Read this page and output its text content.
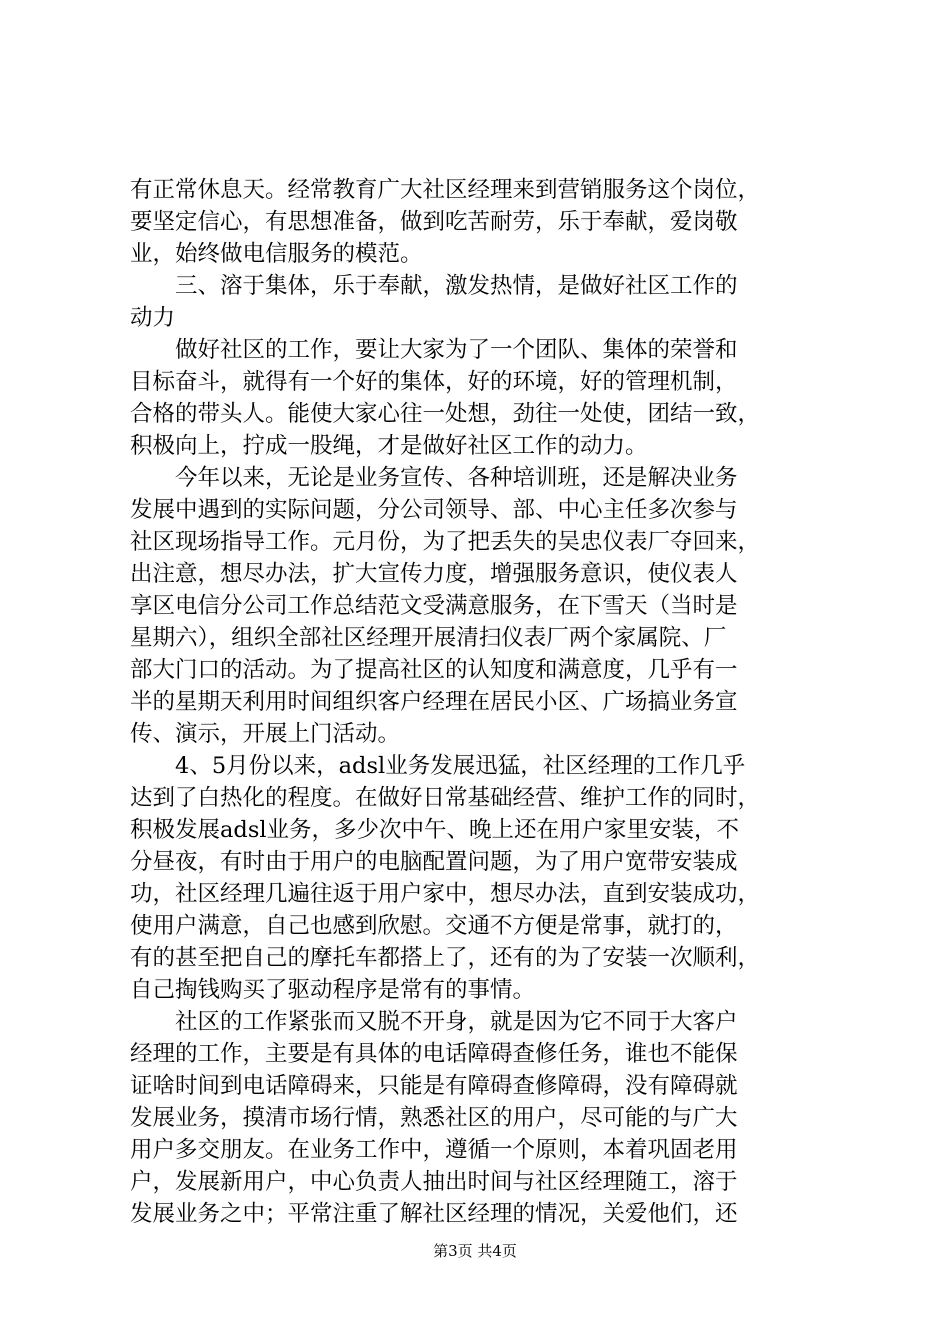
有正常休息天。经常教育广大社区经理来到营销服务这个岗位，
要坚定信心，有思想准备，做到吃苦耐劳，乐于奉献，爱岗敬
业，始终做电信服务的模范。
　　三、溶于集体，乐于奉献，激发热情，是做好社区工作的
动力
　　做好社区的工作，要让大家为了一个团队、集体的荣誉和
目标奋斗，就得有一个好的集体，好的环境，好的管理机制，
合格的带头人。能使大家心往一处想，劲往一处使，团结一致，
积极向上，拧成一股绳，才是做好社区工作的动力。
　　今年以来，无论是业务宣传、各种培训班，还是解决业务
发展中遇到的实际问题，分公司领导、部、中心主任多次参与
社区现场指导工作。元月份，为了把丢失的吴忠仪表厂夺回来，
出注意，想尽办法，扩大宣传力度，增强服务意识，使仪表人
享区电信分公司工作总结范文受满意服务，在下雪天（当时是
星期六），组织全部社区经理开展清扫仪表厂两个家属院、厂
部大门口的活动。为了提高社区的认知度和满意度，几乎有一
半的星期天利用时间组织客户经理在居民小区、广场搞业务宣
传、演示，开展上门活动。
　　4、5月份以来，adsl业务发展迅猛，社区经理的工作几乎
达到了白热化的程度。在做好日常基础经营、维护工作的同时，
积极发展adsl业务，多少次中午、晚上还在用户家里安装，不
分昼夜，有时由于用户的电脑配置问题，为了用户宽带安装成
功，社区经理几遍往返于用户家中，想尽办法，直到安装成功，
使用户满意，自己也感到欣慰。交通不方便是常事，就打的，
有的甚至把自己的摩托车都搭上了，还有的为了安装一次顺利，
自己掏钱购买了驱动程序是常有的事情。
　　社区的工作紧张而又脱不开身，就是因为它不同于大客户
经理的工作，主要是有具体的电话障碍查修任务，谁也不能保
证啥时间到电话障碍来，只能是有障碍查修障碍，没有障碍就
发展业务，摸清市场行情，熟悉社区的用户，尽可能的与广大
用户多交朋友。在业务工作中，遵循一个原则，本着巩固老用
户，发展新用户，中心负责人抽出时间与社区经理随工，溶于
发展业务之中；平常注重了解社区经理的情况，关爱他们，还
第3页 共4页
